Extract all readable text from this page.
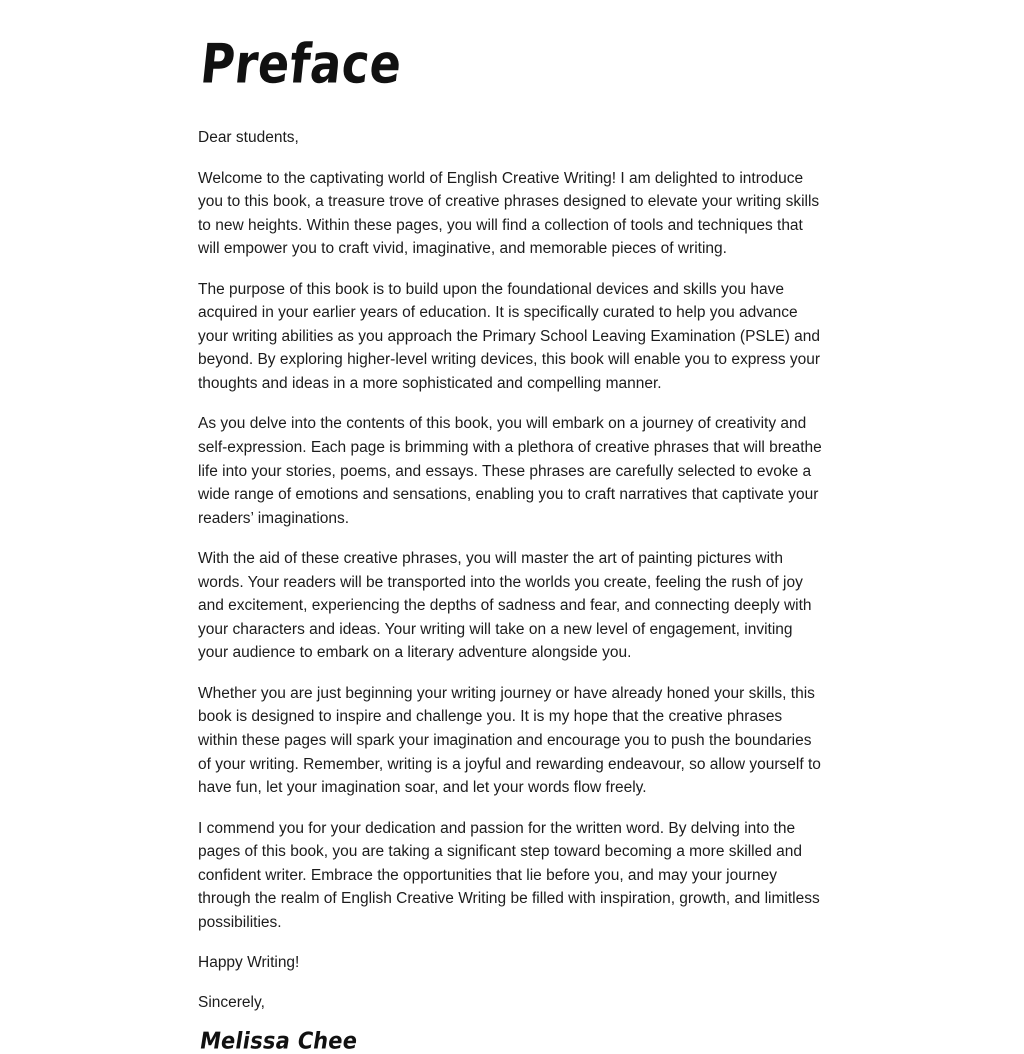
Preface

Dear students,

Welcome to the captivating world of English Creative Writing! I am delighted to introduce you to this book, a treasure trove of creative phrases designed to elevate your writing skills to new heights. Within these pages, you will find a collection of tools and techniques that will empower you to craft vivid, imaginative, and memorable pieces of writing.

The purpose of this book is to build upon the foundational devices and skills you have acquired in your earlier years of education. It is specifically curated to help you advance your writing abilities as you approach the Primary School Leaving Examination (PSLE) and beyond. By exploring higher-level writing devices, this book will enable you to express your thoughts and ideas in a more sophisticated and compelling manner.

As you delve into the contents of this book, you will embark on a journey of creativity and self-expression. Each page is brimming with a plethora of creative phrases that will breathe life into your stories, poems, and essays. These phrases are carefully selected to evoke a wide range of emotions and sensations, enabling you to craft narratives that captivate your readers’ imaginations.

With the aid of these creative phrases, you will master the art of painting pictures with words. Your readers will be transported into the worlds you create, feeling the rush of joy and excitement, experiencing the depths of sadness and fear, and connecting deeply with your characters and ideas. Your writing will take on a new level of engagement, inviting your audience to embark on a literary adventure alongside you.

Whether you are just beginning your writing journey or have already honed your skills, this book is designed to inspire and challenge you. It is my hope that the creative phrases within these pages will spark your imagination and encourage you to push the boundaries of your writing. Remember, writing is a joyful and rewarding endeavour, so allow yourself to have fun, let your imagination soar, and let your words flow freely.

I commend you for your dedication and passion for the written word. By delving into the pages of this book, you are taking a significant step toward becoming a more skilled and confident writer. Embrace the opportunities that lie before you, and may your journey through the realm of English Creative Writing be filled with inspiration, growth, and limitless possibilities.

Happy Writing!

Sincerely,

Melissa Chee
